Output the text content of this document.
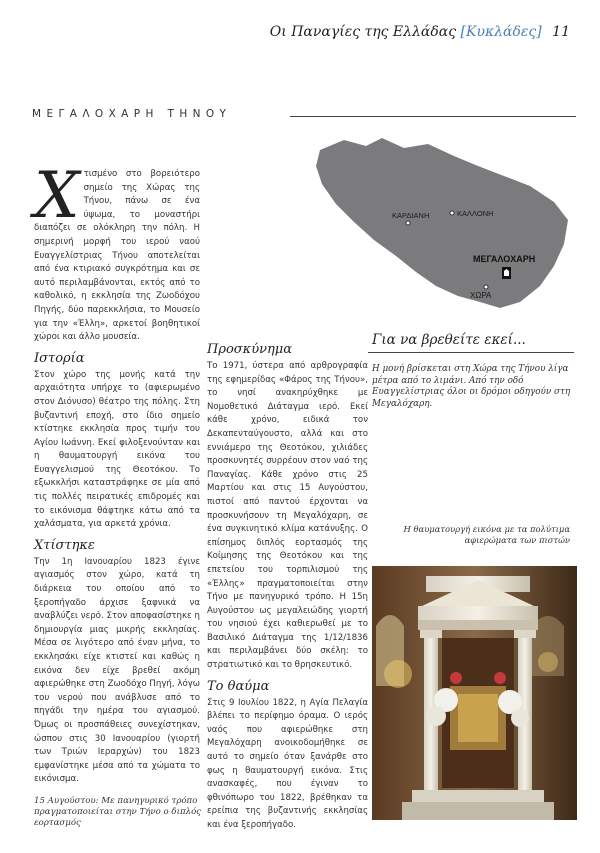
Οι Παναγίες της Ελλάδας [Κυκλάδες] 11
ΜΕΓΑΛΟΧΑΡΗ ΤΗΝΟΥ

Χ τισμένο στο βορειότερο σημείο της Χώρας της Τήνου, πάνω σε ένα ύψωμα, το μοναστήρι διαπόζει σε ολόκληρη την πόλη. Η σημερινή μορφή του ιερού ναού Ευαγγελίστριας Τήνου αποτελείται από ένα κτιριακό συγκρότημα και σε αυτό περιλαμβάνονται, εκτός από το καθολικό, η εκκλησία της Ζωοδόχου Πηγής, δύο παρεκκλήσια, το Μουσείο για την «Έλλη», αρκετοί βοηθητικοί χώροι και άλλο μουσεία.

Ιστορία

Στον χώρο της μονής κατά την αρχαιότητα υπήρχε το (αφιερωμένο στον Διόνυσο) θέατρο της πόλης. Στη βυζαντινή εποχή, στο ίδιο σημείο κτίστηκε εκκλησία προς τιμήν του Αγίου Ιωάννη. Εκεί φιλοξενούνταν και η θαυματουργή εικόνα του Ευαγγελισμού της Θεοτόκου. Το εξωκκλήσι καταστράφηκε σε μία από τις πολλές πειρατικές επιδρομές και το εικόνισμα θάφτηκε κάτω από τα χαλάσματα, για αρκετά χρόνια.

Χτίστηκε

Την 1η Ιανουαρίου 1823 έγινε αγιασμός στον χώρο, κατά τη διάρκεια του οποίου από το ξεροπήγαδο άρχισε ξαφνικά να αναβλύζει νερό. Στον αποφασίστηκε η δημιουργία μιας μικρής εκκλησίας. Μέσα σε λιγότερο από έναν μήνα, το εκκλησάκι είχε κτιστεί και καθώς η εικόνα δεν είχε βρεθεί ακόμη αφιερώθηκε στη Ζωοδόχο Πηγή, λόγω του νερού που ανάβλυσε από το πηγάδι την ημέρα του αγιασμού. Όμως οι προσπάθειες συνεχίστηκαν, ώσπου στις 30 Ιανουαρίου (γιορτή των Τριών Ιεραρχών) του 1823 εμφανίστηκε μέσα από τα χώματα το εικόνισμα.

Προσκύνημα

Το 1971, ύστερα από αρθρογραφία της εφημερίδας «Φάρος της Τήνου», το νησί ανακηρύχθηκε με Νομοθετικό Διάταγμα ιερό. Εκεί κάθε χρόνο, ειδικά τον Δεκαπενταύγουστο, αλλά και στο εννιάμερο της Θεοτόκου, χιλιάδες προσκυνητές συρρέουν στον ναό της Παναγίας. Κάθε χρόνο στις 25 Μαρτίου και στις 15 Αυγούστου, πιστοί από παντού έρχονται να προσκυνήσουν τη Μεγαλόχαρη, σε ένα συγκινητικό κλίμα κατάνυξης. Ο επίσημος διπλός εορτασμός της Κοίμησης της Θεοτόκου και της επετείου του τορπιλισμού της «Έλλης» πραγματοποιείται στην Τήνο με πανηγυρικό τρόπο. Η 15η Αυγούστου ως μεγαλειώδης γιορτή του νησιού έχει καθιερωθεί με το Βασιλικό Διάταγμα της 1/12/1836 και περιλαμβάνει δύο σκέλη: το στρατιωτικό και το θρησκευτικό.

Το θαύμα

Στις 9 Ιουλίου 1822, η Αγία Πελαγία βλέπει το περίφημο όραμα. Ο ιερός ναός που αφιερώθηκε στη Μεγαλόχαρη ανοικοδομήθηκε σε αυτό το σημείο όταν ξανάρθε στο φως η θαυματουργή εικόνα. Στις ανασκαφές, που έγιναν το φθινόπωρο του 1822, βρέθηκαν τα ερείπια της βυζαντινής εκκλησίας και ένα ξεροπήγαδο.

ΚΑΡΔΙΑΝΗ	ΚΑΛΛΟΝΗ
ΜΕΓΑΛΟΧΑΡΗ
ΧΩΡΑ
Για να βρεθείτε εκεί...
Η μονή βρίσκεται στη Χώρα της Τήνου λίγα μέτρα από το λιμάνι. Από την οδό Ευαγγελίστριας όλοι οι δρόμοι οδηγούν στη Μεγαλόχαρη.
Η θαυματουργή εικόνα με τα πολύτιμα αφιερώματα των πιστών
15 Αυγούστου: Με πανηγυρικό τρόπο πραγματοποιείται στην Τήνο ο διπλός εορτασμός
